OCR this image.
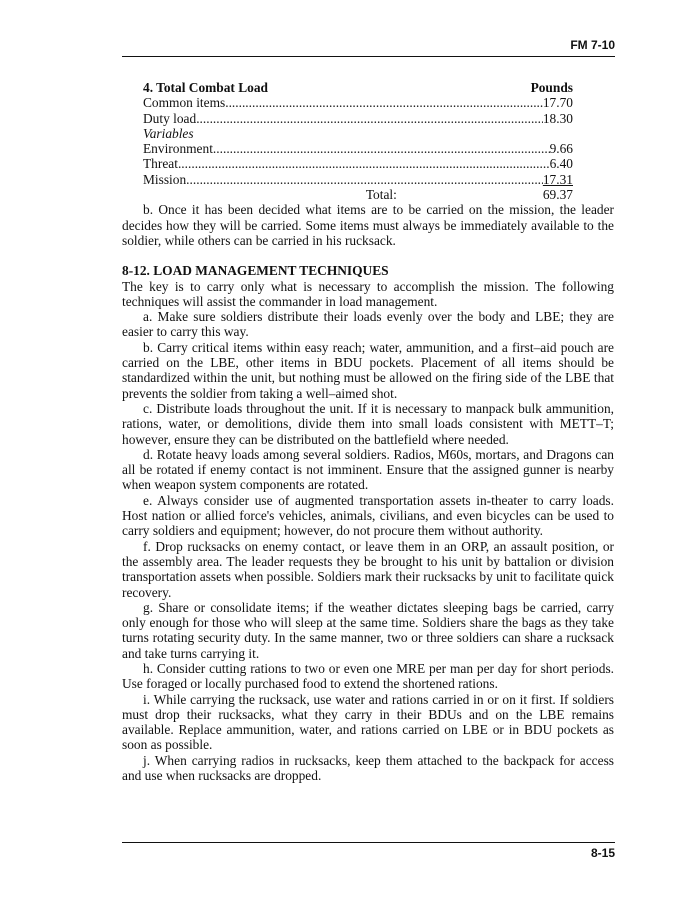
FM 7-10
4. Total Combat Load	Pounds
Common items .....	17.70
Duty load .....	18.30
Variables
Environment .....	9.66
Threat .....	6.40
Mission .....	17.31
Total:	69.37

b. Once it has been decided what items are to be carried on the mission, the leader decides how they will be carried. Some items must always be immediately available to the soldier, while others can be carried in his rucksack.

8-12. LOAD MANAGEMENT TECHNIQUES

The key is to carry only what is necessary to accomplish the mission. The following techniques will assist the commander in load management.

a. Make sure soldiers distribute their loads evenly over the body and LBE; they are easier to carry this way.

b. Carry critical items within easy reach; water, ammunition, and a first–aid pouch are carried on the LBE, other items in BDU pockets. Placement of all items should be standardized within the unit, but nothing must be allowed on the firing side of the LBE that prevents the soldier from taking a well–aimed shot.

c. Distribute loads throughout the unit. If it is necessary to manpack bulk ammunition, rations, water, or demolitions, divide them into small loads consistent with METT–T; however, ensure they can be distributed on the battlefield where needed.

d. Rotate heavy loads among several soldiers. Radios, M60s, mortars, and Dragons can all be rotated if enemy contact is not imminent. Ensure that the assigned gunner is nearby when weapon system components are rotated.

e. Always consider use of augmented transportation assets in-theater to carry loads. Host nation or allied force's vehicles, animals, civilians, and even bicycles can be used to carry soldiers and equipment; however, do not procure them without authority.

f. Drop rucksacks on enemy contact, or leave them in an ORP, an assault position, or the assembly area. The leader requests they be brought to his unit by battalion or division transportation assets when possible. Soldiers mark their rucksacks by unit to facilitate quick recovery.

g. Share or consolidate items; if the weather dictates sleeping bags be carried, carry only enough for those who will sleep at the same time. Soldiers share the bags as they take turns rotating security duty. In the same manner, two or three soldiers can share a rucksack and take turns carrying it.

h. Consider cutting rations to two or even one MRE per man per day for short periods. Use foraged or locally purchased food to extend the shortened rations.

i. While carrying the rucksack, use water and rations carried in or on it first. If soldiers must drop their rucksacks, what they carry in their BDUs and on the LBE remains available. Replace ammunition, water, and rations carried on LBE or in BDU pockets as soon as possible.

j. When carrying radios in rucksacks, keep them attached to the backpack for access and use when rucksacks are dropped.

8-15
